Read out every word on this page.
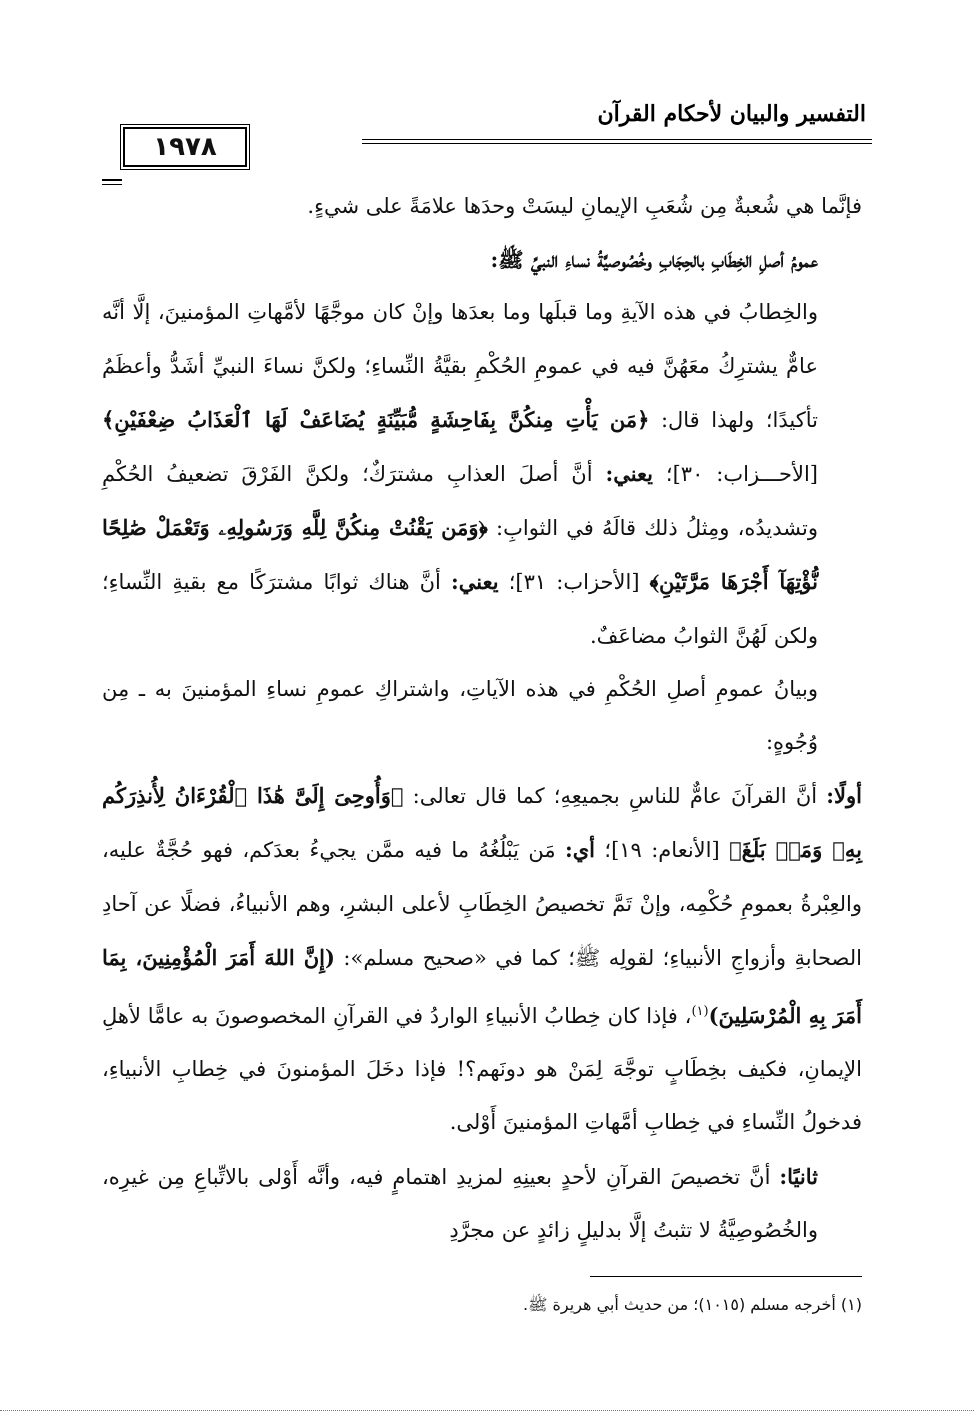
التفسير والبيان لأحكام القرآن
١٩٧٨

فإنَّما هي شُعبةٌ مِن شُعَبِ الإيمانِ ليسَتْ وحدَها علامَةً على شيءٍ.

عمومُ أصلِ الخِطَابِ بالحِجَابِ وخُصُوصيَّةُ نساءِ النبيِّ ﷺ:

والخِطابُ في هذه الآيةِ وما قبلَها وما بعدَها وإنْ كان موجَّهًا لأمَّهاتِ المؤمنينَ، إلَّا أنَّه عامٌّ يشترِكُ معَهُنَّ فيه في عمومِ الحُكْمِ بقيَّةُ النِّساءِ؛ ولكنَّ نساءَ النبيِّ أشَدُّ وأعظَمُ تأكيدًا؛ ولهذا قال: ﴿مَن يَأْتِ مِنكُنَّ بِفَاحِشَةٍ مُّبَيِّنَةٍ يُضَاعَفْ لَهَا ٱلْعَذَابُ ضِعْفَيْنِ﴾ [الأحـــزاب: ٣٠]؛ يعني: أنَّ أصلَ العذابِ مشترَكٌ؛ ولكنَّ الفَرْقَ تضعيفُ الحُكْمِ وتشديدُه، ومِثلُ ذلك قالَهُ في الثوابِ: ﴿وَمَن يَقْنُتْ مِنكُنَّ لِلَّهِ وَرَسُولِهِۦ وَتَعْمَلْ صَٰلِحًا نُّؤْتِهَآ أَجْرَهَا مَرَّتَيْنِ﴾ [الأحزاب: ٣١]؛ يعني: أنَّ هناك ثوابًا مشترَكًا مع بقيةِ النِّساءِ؛ ولكن لَهُنَّ الثوابُ مضاعَفٌ.

وبيانُ عمومِ أصلِ الحُكْمِ في هذه الآياتِ، واشتراكِ عمومِ نساءِ المؤمنينَ به ـ مِن وُجُوهٍ:

أولًا: أنَّ القرآنَ عامٌّ للناسِ بجميعِهِ؛ كما قال تعالى: ﴿وَأُوحِىَ إِلَىَّ هَٰذَا ٱلْقُرْءَانُ لِأُنذِرَكُم بِهِۦ وَمَنۢ بَلَغَ﴾ [الأنعام: ١٩]؛ أي: مَن يَبْلُغُهُ ما فيه ممَّن يجيءُ بعدَكم، فهو حُجَّةٌ عليه، والعِبْرةُ بعمومِ حُكْمِه، وإنْ تَمَّ تخصيصُ الخِطَابِ لأعلى البشرِ، وهم الأنبياءُ، فضلًا عن آحادِ الصحابةِ وأزواجِ الأنبياءِ؛ لقولِه ﷺ؛ كما في «صحيح مسلم»: (إِنَّ اللهَ أَمَرَ الْمُؤْمِنِينَ، بِمَا أَمَرَ بِهِ الْمُرْسَلِينَ)$^{(١)}$، فإذا كان خِطابُ الأنبياءِ الواردُ في القرآنِ المخصوصونَ به عامًّا لأهلِ الإيمانِ، فكيف بخِطَابٍ توجَّهَ لِمَنْ هو دونَهم؟! فإذا دخَلَ المؤمنونَ في خِطابِ الأنبياءِ، فدخولُ النِّساءِ في خِطابِ أمَّهاتِ المؤمنينَ أَوْلى.

ثانيًا: أنَّ تخصيصَ القرآنِ لأحدٍ بعينِهِ لمزيدِ اهتمامٍ فيه، وأنَّه أَوْلى بالاتِّباعِ مِن غيرِه، والخُصُوصِيَّةُ لا تثبتُ إلَّا بدليلٍ زائدٍ عن مجرَّدِ

(١) أخرجه مسلم (١٠١٥)؛ من حديث أبي هريرة ﷺ.
